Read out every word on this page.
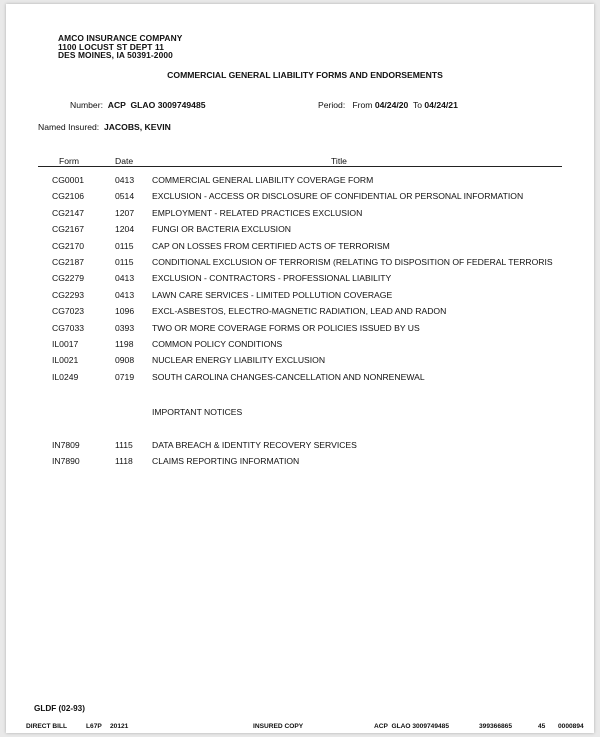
AMCO INSURANCE COMPANY
1100 LOCUST ST DEPT 11
DES MOINES, IA 50391-2000
COMMERCIAL GENERAL LIABILITY FORMS AND ENDORSEMENTS
Number: ACP  GLAO 3009749485	Period: From 04/24/20 To 04/24/21
Named Insured: JACOBS, KEVIN
Form	Date	Title
CG0001	0413 COMMERCIAL GENERAL LIABILITY COVERAGE FORM
CG2106	0514 EXCLUSION - ACCESS OR DISCLOSURE OF CONFIDENTIAL OR PERSONAL INFORMATION
CG2147	1207 EMPLOYMENT - RELATED PRACTICES EXCLUSION
CG2167	1204 FUNGI OR BACTERIA EXCLUSION
CG2170	0115 CAP ON LOSSES FROM CERTIFIED ACTS OF TERRORISM
CG2187	0115 CONDITIONAL EXCLUSION OF TERRORISM (RELATING TO DISPOSITION OF FEDERAL TERRORIS
CG2279	0413 EXCLUSION - CONTRACTORS - PROFESSIONAL LIABILITY
CG2293	0413 LAWN CARE SERVICES - LIMITED POLLUTION COVERAGE
CG7023	1096 EXCL-ASBESTOS, ELECTRO-MAGNETIC RADIATION, LEAD AND RADON
CG7033	0393 TWO OR MORE COVERAGE FORMS OR POLICIES ISSUED BY US
IL0017	1198 COMMON POLICY CONDITIONS
IL0021	0908 NUCLEAR ENERGY LIABILITY EXCLUSION
IL0249	0719 SOUTH CAROLINA CHANGES-CANCELLATION AND NONRENEWAL
IMPORTANT NOTICES
IN7809	1115 DATA BREACH & IDENTITY RECOVERY SERVICES
IN7890	1118 CLAIMS REPORTING INFORMATION
GLDF (02-93)
DIRECT BILL	L67P 20121	INSURED COPY	ACP  GLAO 3009749485	399366865	45 0000894
